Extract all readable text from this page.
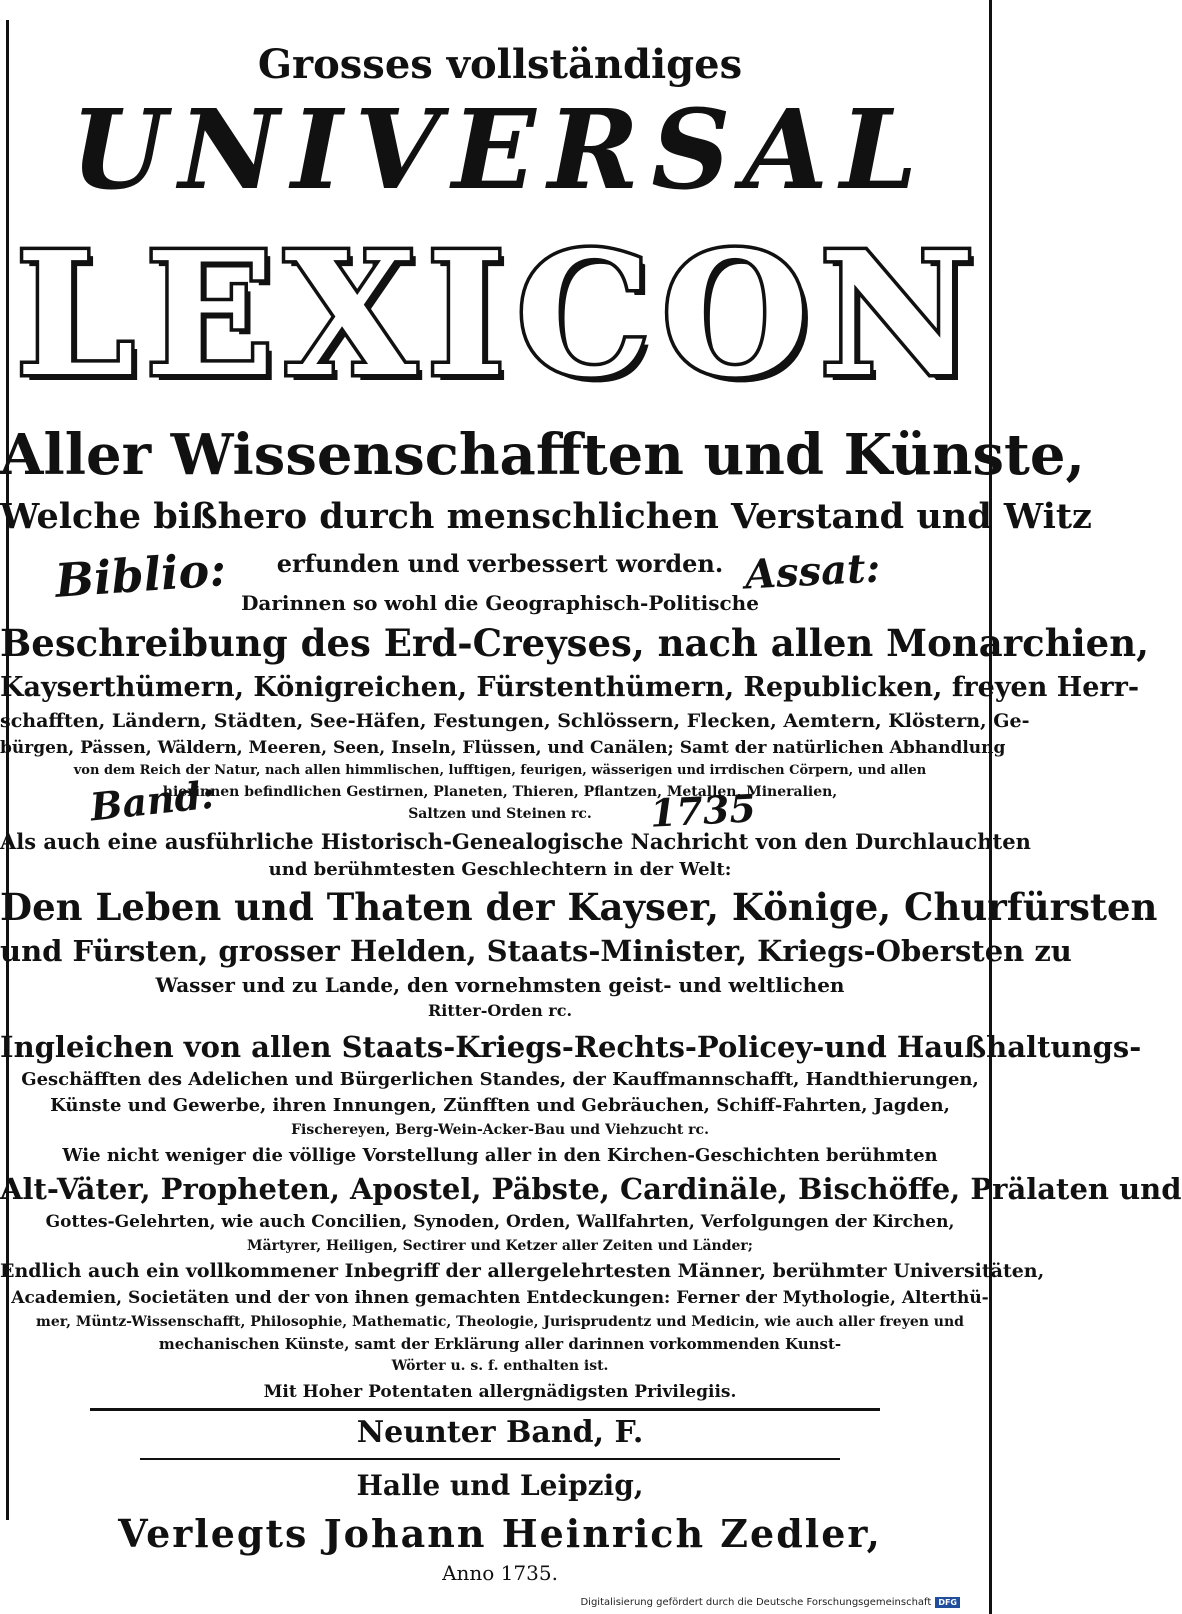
Grosses vollständiges
UNIVERSAL
LEXICON
Aller Wissenschafften und Künste,
Welche bißhero durch menschlichen Verstand und Witz
erfunden und verbessert worden.
Darinnen so wohl die Geographisch-Politische
Beschreibung des Erd-Creyses, nach allen Monarchien,
Kayserthümern, Königreichen, Fürstenthümern, Republicken, freyen Herr-
schafften, Ländern, Städten, See-Häfen, Festungen, Schlössern, Flecken, Aemtern, Klöstern, Ge-
bürgen, Pässen, Wäldern, Meeren, Seen, Inseln, Flüssen, und Canälen; Samt der natürlichen Abhandlung
von dem Reich der Natur, nach allen himmlischen, lufftigen, feurigen, wässerigen und irrdischen Cörpern, und allen
hierinnen befindlichen Gestirnen, Planeten, Thieren, Pflantzen, Metallen, Mineralien,
Saltzen und Steinen rc.
Als auch eine ausführliche Historisch-Genealogische Nachricht von den Durchlauchten
und berühmtesten Geschlechtern in der Welt:
Den Leben und Thaten der Kayser, Könige, Churfürsten
und Fürsten, grosser Helden, Staats-Minister, Kriegs-Obersten zu
Wasser und zu Lande, den vornehmsten geist- und weltlichen
Ritter-Orden rc.
Ingleichen von allen Staats-Kriegs-Rechts-Policey-und Haußhaltungs-
Geschäfften des Adelichen und Bürgerlichen Standes, der Kauffmannschafft, Handthierungen,
Künste und Gewerbe, ihren Innungen, Zünfften und Gebräuchen, Schiff-Fahrten, Jagden,
Fischereyen, Berg-Wein-Acker-Bau und Viehzucht rc.
Wie nicht weniger die völlige Vorstellung aller in den Kirchen-Geschichten berühmten
Alt-Väter, Propheten, Apostel, Päbste, Cardinäle, Bischöffe, Prälaten und
Gottes-Gelehrten, wie auch Concilien, Synoden, Orden, Wallfahrten, Verfolgungen der Kirchen,
Märtyrer, Heiligen, Sectirer und Ketzer aller Zeiten und Länder;
Endlich auch ein vollkommener Inbegriff der allergelehrtesten Männer, berühmter Universitäten,
Academien, Societäten und der von ihnen gemachten Entdeckungen: Ferner der Mythologie, Alterthü-
mer, Müntz-Wissenschafft, Philosophie, Mathematic, Theologie, Jurisprudentz und Medicin, wie auch aller freyen und
mechanischen Künste, samt der Erklärung aller darinnen vorkommenden Kunst-
Wörter u. s. f. enthalten ist.
Mit Hoher Potentaten allergnädigsten Privilegiis.
Neunter Band, F.
Halle und Leipzig,
Verlegts Johann Heinrich Zedler,
Anno 1735.
Biblio:	Assat:
Band:	1735
Digitalisierung gefördert durch die Deutsche Forschungsgemeinschaft DFG
